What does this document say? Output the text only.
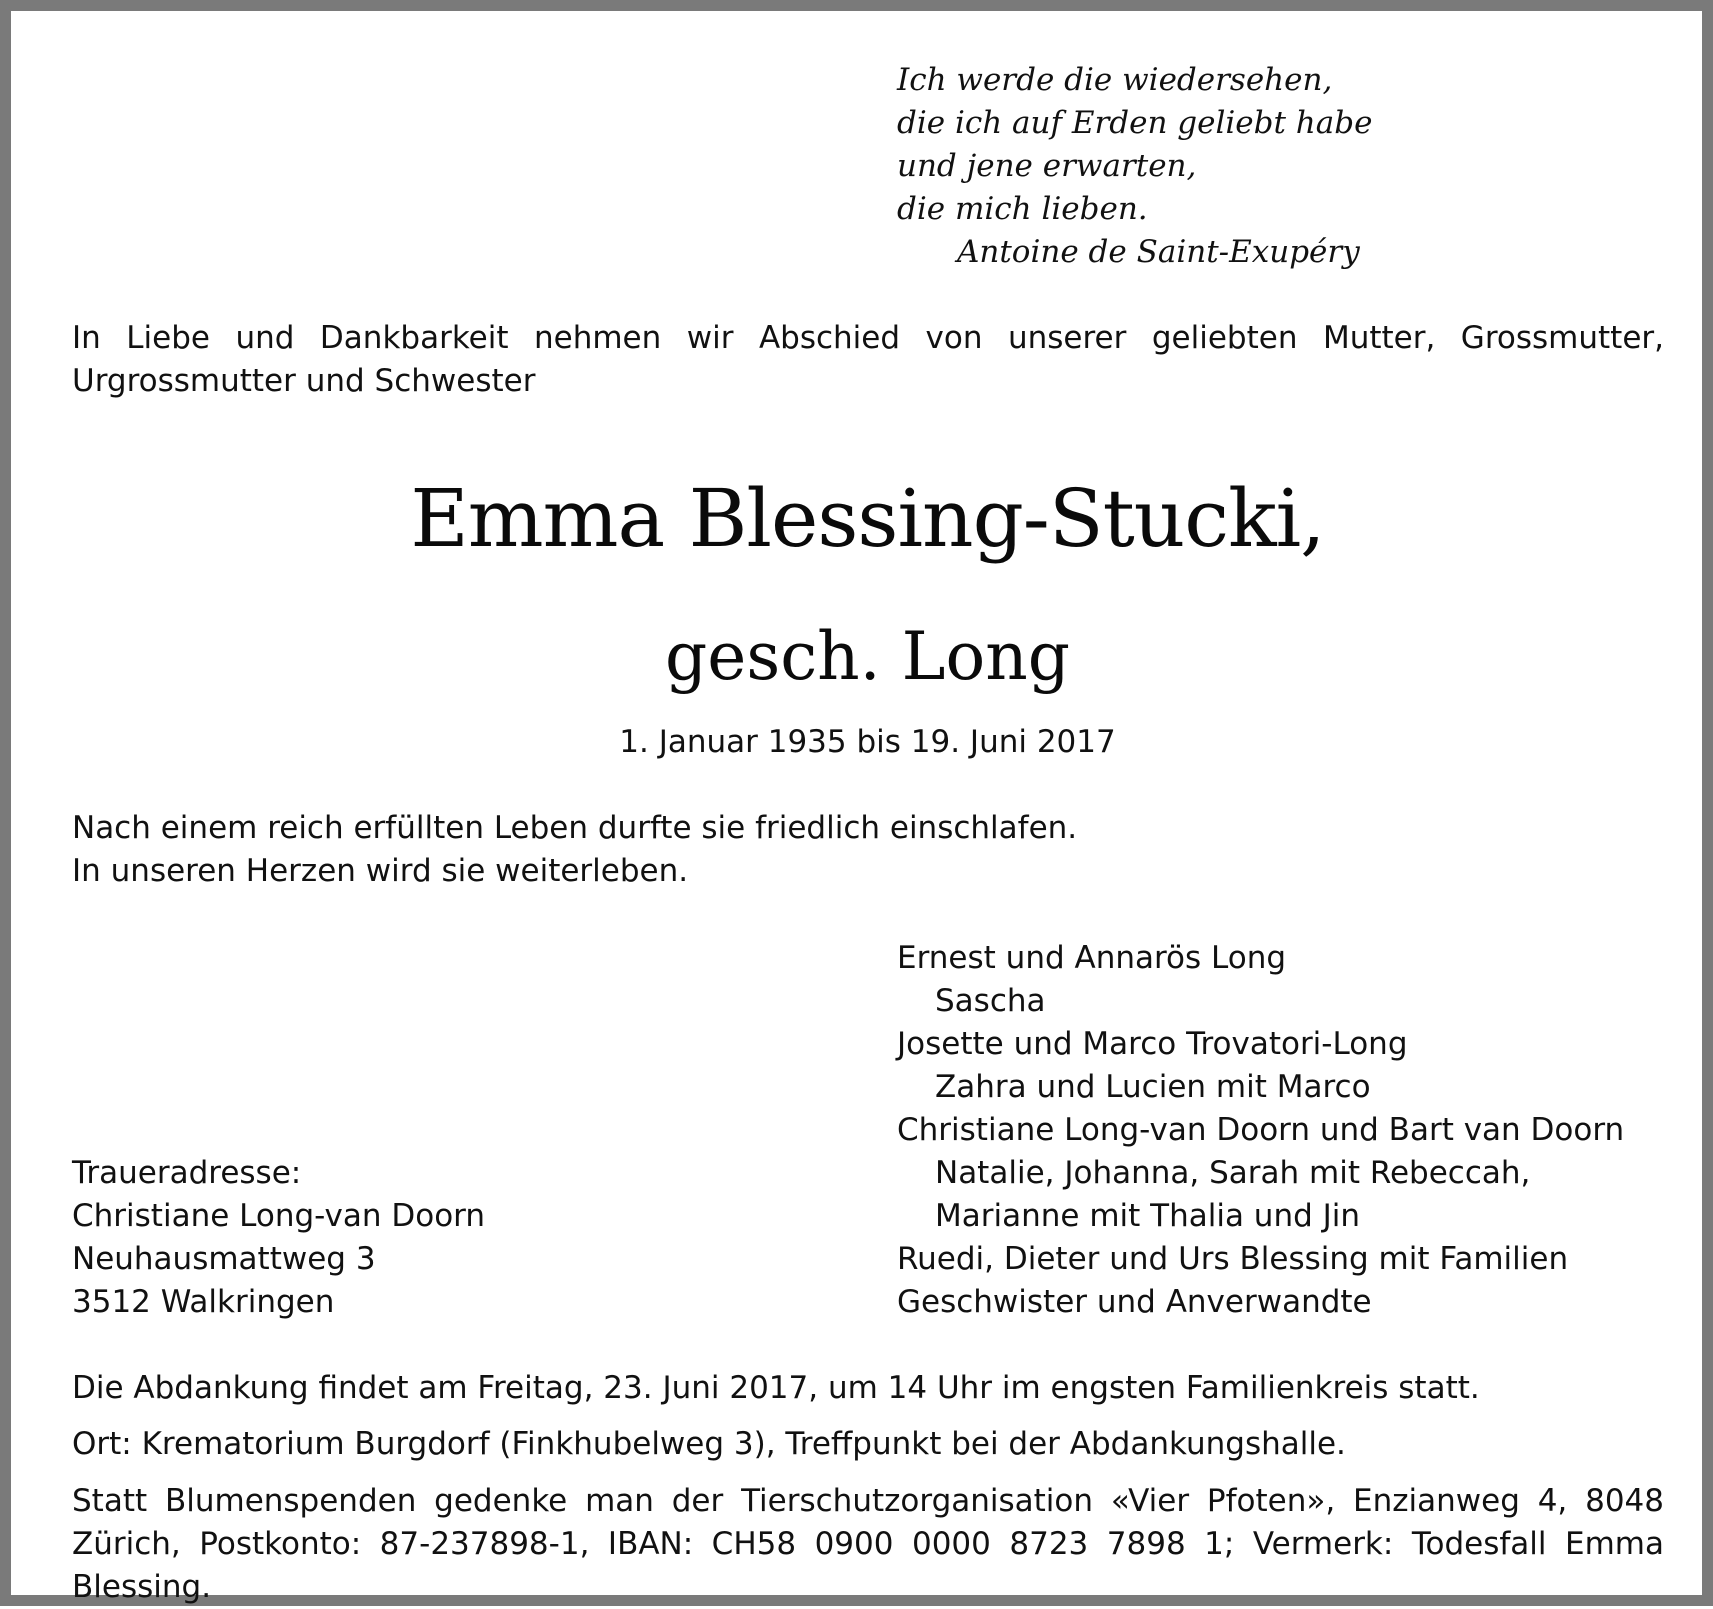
Ich werde die wiedersehen,
die ich auf Erden geliebt habe
und jene erwarten,
die mich lieben.
Antoine de Saint-Exupéry
In Liebe und Dankbarkeit nehmen wir Abschied von unserer geliebten Mutter, Grossmutter, Urgrossmutter und Schwester
Emma Blessing-Stucki,
gesch. Long
1. Januar 1935 bis 19. Juni 2017
Nach einem reich erfüllten Leben durfte sie friedlich einschlafen.
In unseren Herzen wird sie weiterleben.
Ernest und Annarös Long
Sascha
Josette und Marco Trovatori-Long
Zahra und Lucien mit Marco
Christiane Long-van Doorn und Bart van Doorn
Natalie, Johanna, Sarah mit Rebeccah,
Marianne mit Thalia und Jin
Ruedi, Dieter und Urs Blessing mit Familien
Geschwister und Anverwandte
Traueradresse:
Christiane Long-van Doorn
Neuhausmattweg 3
3512 Walkringen
Die Abdankung findet am Freitag, 23. Juni 2017, um 14 Uhr im engsten Familienkreis statt.
Ort: Krematorium Burgdorf (Finkhubelweg 3), Treffpunkt bei der Abdankungshalle.
Statt Blumenspenden gedenke man der Tierschutzorganisation «Vier Pfoten», Enzianweg 4, 8048 Zürich, Postkonto: 87-237898-1, IBAN: CH58 0900 0000 8723 7898 1; Vermerk: Todesfall Emma Blessing.
